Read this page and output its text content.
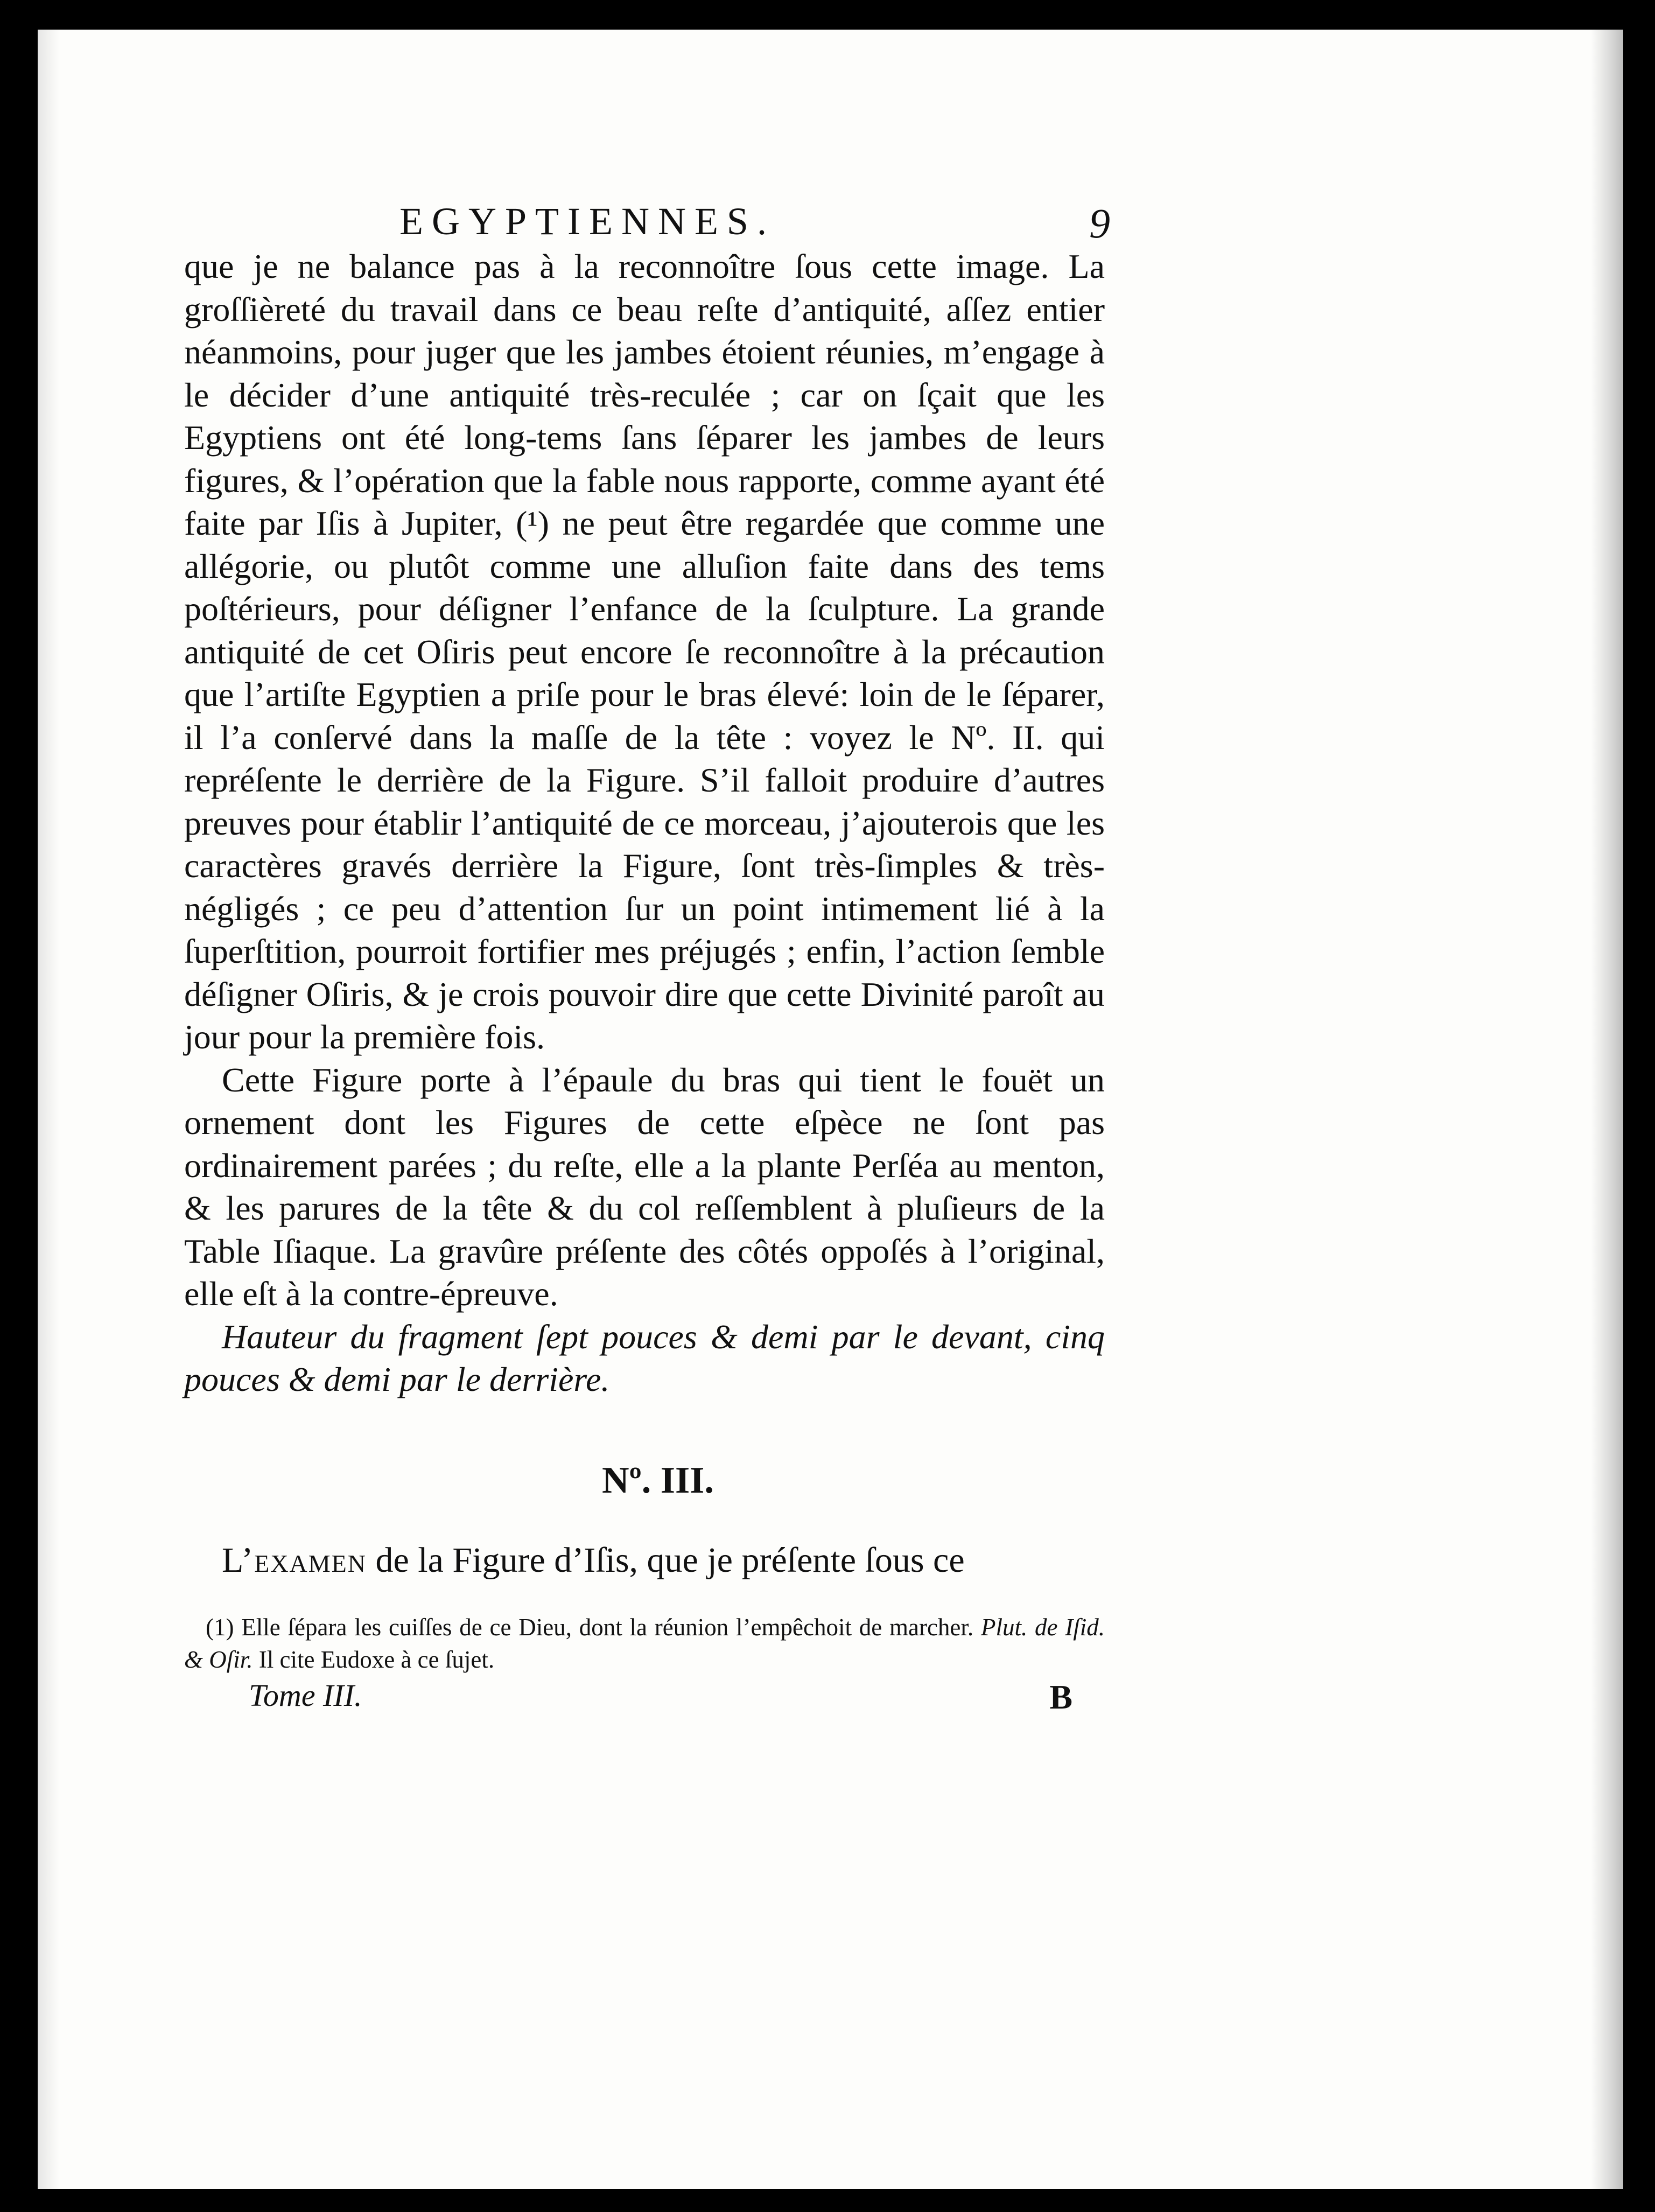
EGYPTIENNES.	9

que je ne balance pas à la reconnoître ſous cette image. La groſſièreté du travail dans ce beau reſte d’antiquité, aſſez entier néanmoins, pour juger que les jambes étoient réunies, m’engage à le décider d’une antiquité très-reculée ; car on ſçait que les Egyptiens ont été long-tems ſans ſéparer les jambes de leurs figures, & l’opération que la fable nous rapporte, comme ayant été faite par Iſis à Jupiter, (¹) ne peut être regardée que comme une allégorie, ou plutôt comme une alluſion faite dans des tems poſtérieurs, pour déſigner l’enfance de la ſculpture. La grande antiquité de cet Oſiris peut encore ſe reconnoître à la précaution que l’artiſte Egyptien a priſe pour le bras élevé: loin de le ſéparer, il l’a conſervé dans la maſſe de la tête : voyez le Nº. II. qui repréſente le derrière de la Figure. S’il falloit produire d’autres preuves pour établir l’antiquité de ce morceau, j’ajouterois que les caractères gravés derrière la Figure, ſont très-ſimples & très-négligés ; ce peu d’attention ſur un point intimement lié à la ſuperſtition, pourroit fortifier mes préjugés ; enfin, l’action ſemble déſigner Oſiris, & je crois pouvoir dire que cette Divinité paroît au jour pour la première fois.

Cette Figure porte à l’épaule du bras qui tient le fouët un ornement dont les Figures de cette eſpèce ne ſont pas ordinairement parées ; du reſte, elle a la plante Perſéa au menton, & les parures de la tête & du col reſſemblent à pluſieurs de la Table Iſiaque. La gravûre préſente des côtés oppoſés à l’original, elle eſt à la contre-épreuve.

Hauteur du fragment ſept pouces & demi par le devant, cinq pouces & demi par le derrière.

Nº. III.
L’examen de la Figure d’Iſis, que je préſente ſous ce
(1) Elle ſépara les cuiſſes de ce Dieu, dont la réunion l’empêchoit de marcher. Plut. de Iſid. & Oſir. Il cite Eudoxe à ce ſujet.
Tome III.	B
